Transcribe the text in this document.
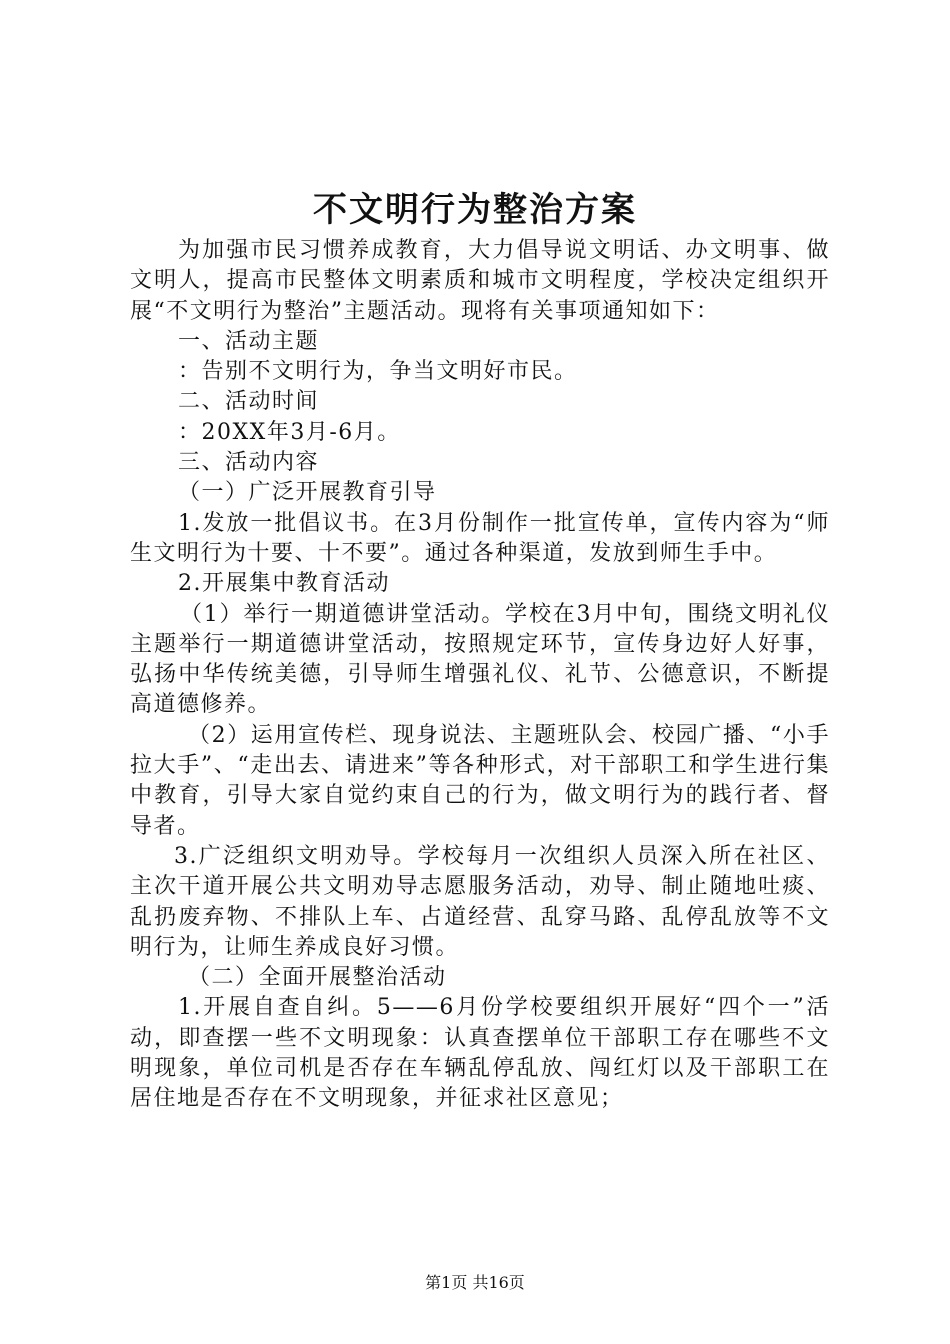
不文明行为整治方案

为加强市民习惯养成教育，大力倡导说文明话、办文明事、做文明人，提高市民整体文明素质和城市文明程度，学校决定组织开展“不文明行为整治”主题活动。现将有关事项通知如下：

一、活动主题

：告别不文明行为，争当文明好市民。

二、活动时间

：20XX年3月-6月。

三、活动内容

（一）广泛开展教育引导

1.发放一批倡议书。在3月份制作一批宣传单，宣传内容为“师生文明行为十要、十不要”。通过各种渠道，发放到师生手中。

2.开展集中教育活动

（1）举行一期道德讲堂活动。学校在3月中旬，围绕文明礼仪主题举行一期道德讲堂活动，按照规定环节，宣传身边好人好事，弘扬中华传统美德，引导师生增强礼仪、礼节、公德意识，不断提高道德修养。

（2）运用宣传栏、现身说法、主题班队会、校园广播、“小手拉大手”、“走出去、请进来”等各种形式，对干部职工和学生进行集中教育，引导大家自觉约束自己的行为，做文明行为的践行者、督导者。

3.广泛组织文明劝导。学校每月一次组织人员深入所在社区、主次干道开展公共文明劝导志愿服务活动，劝导、制止随地吐痰、乱扔废弃物、不排队上车、占道经营、乱穿马路、乱停乱放等不文明行为，让师生养成良好习惯。

（二）全面开展整治活动

1.开展自查自纠。5——6月份学校要组织开展好“四个一”活动，即查摆一些不文明现象：认真查摆单位干部职工存在哪些不文明现象，单位司机是否存在车辆乱停乱放、闯红灯以及干部职工在居住地是否存在不文明现象，并征求社区意见；

第1页 共16页
